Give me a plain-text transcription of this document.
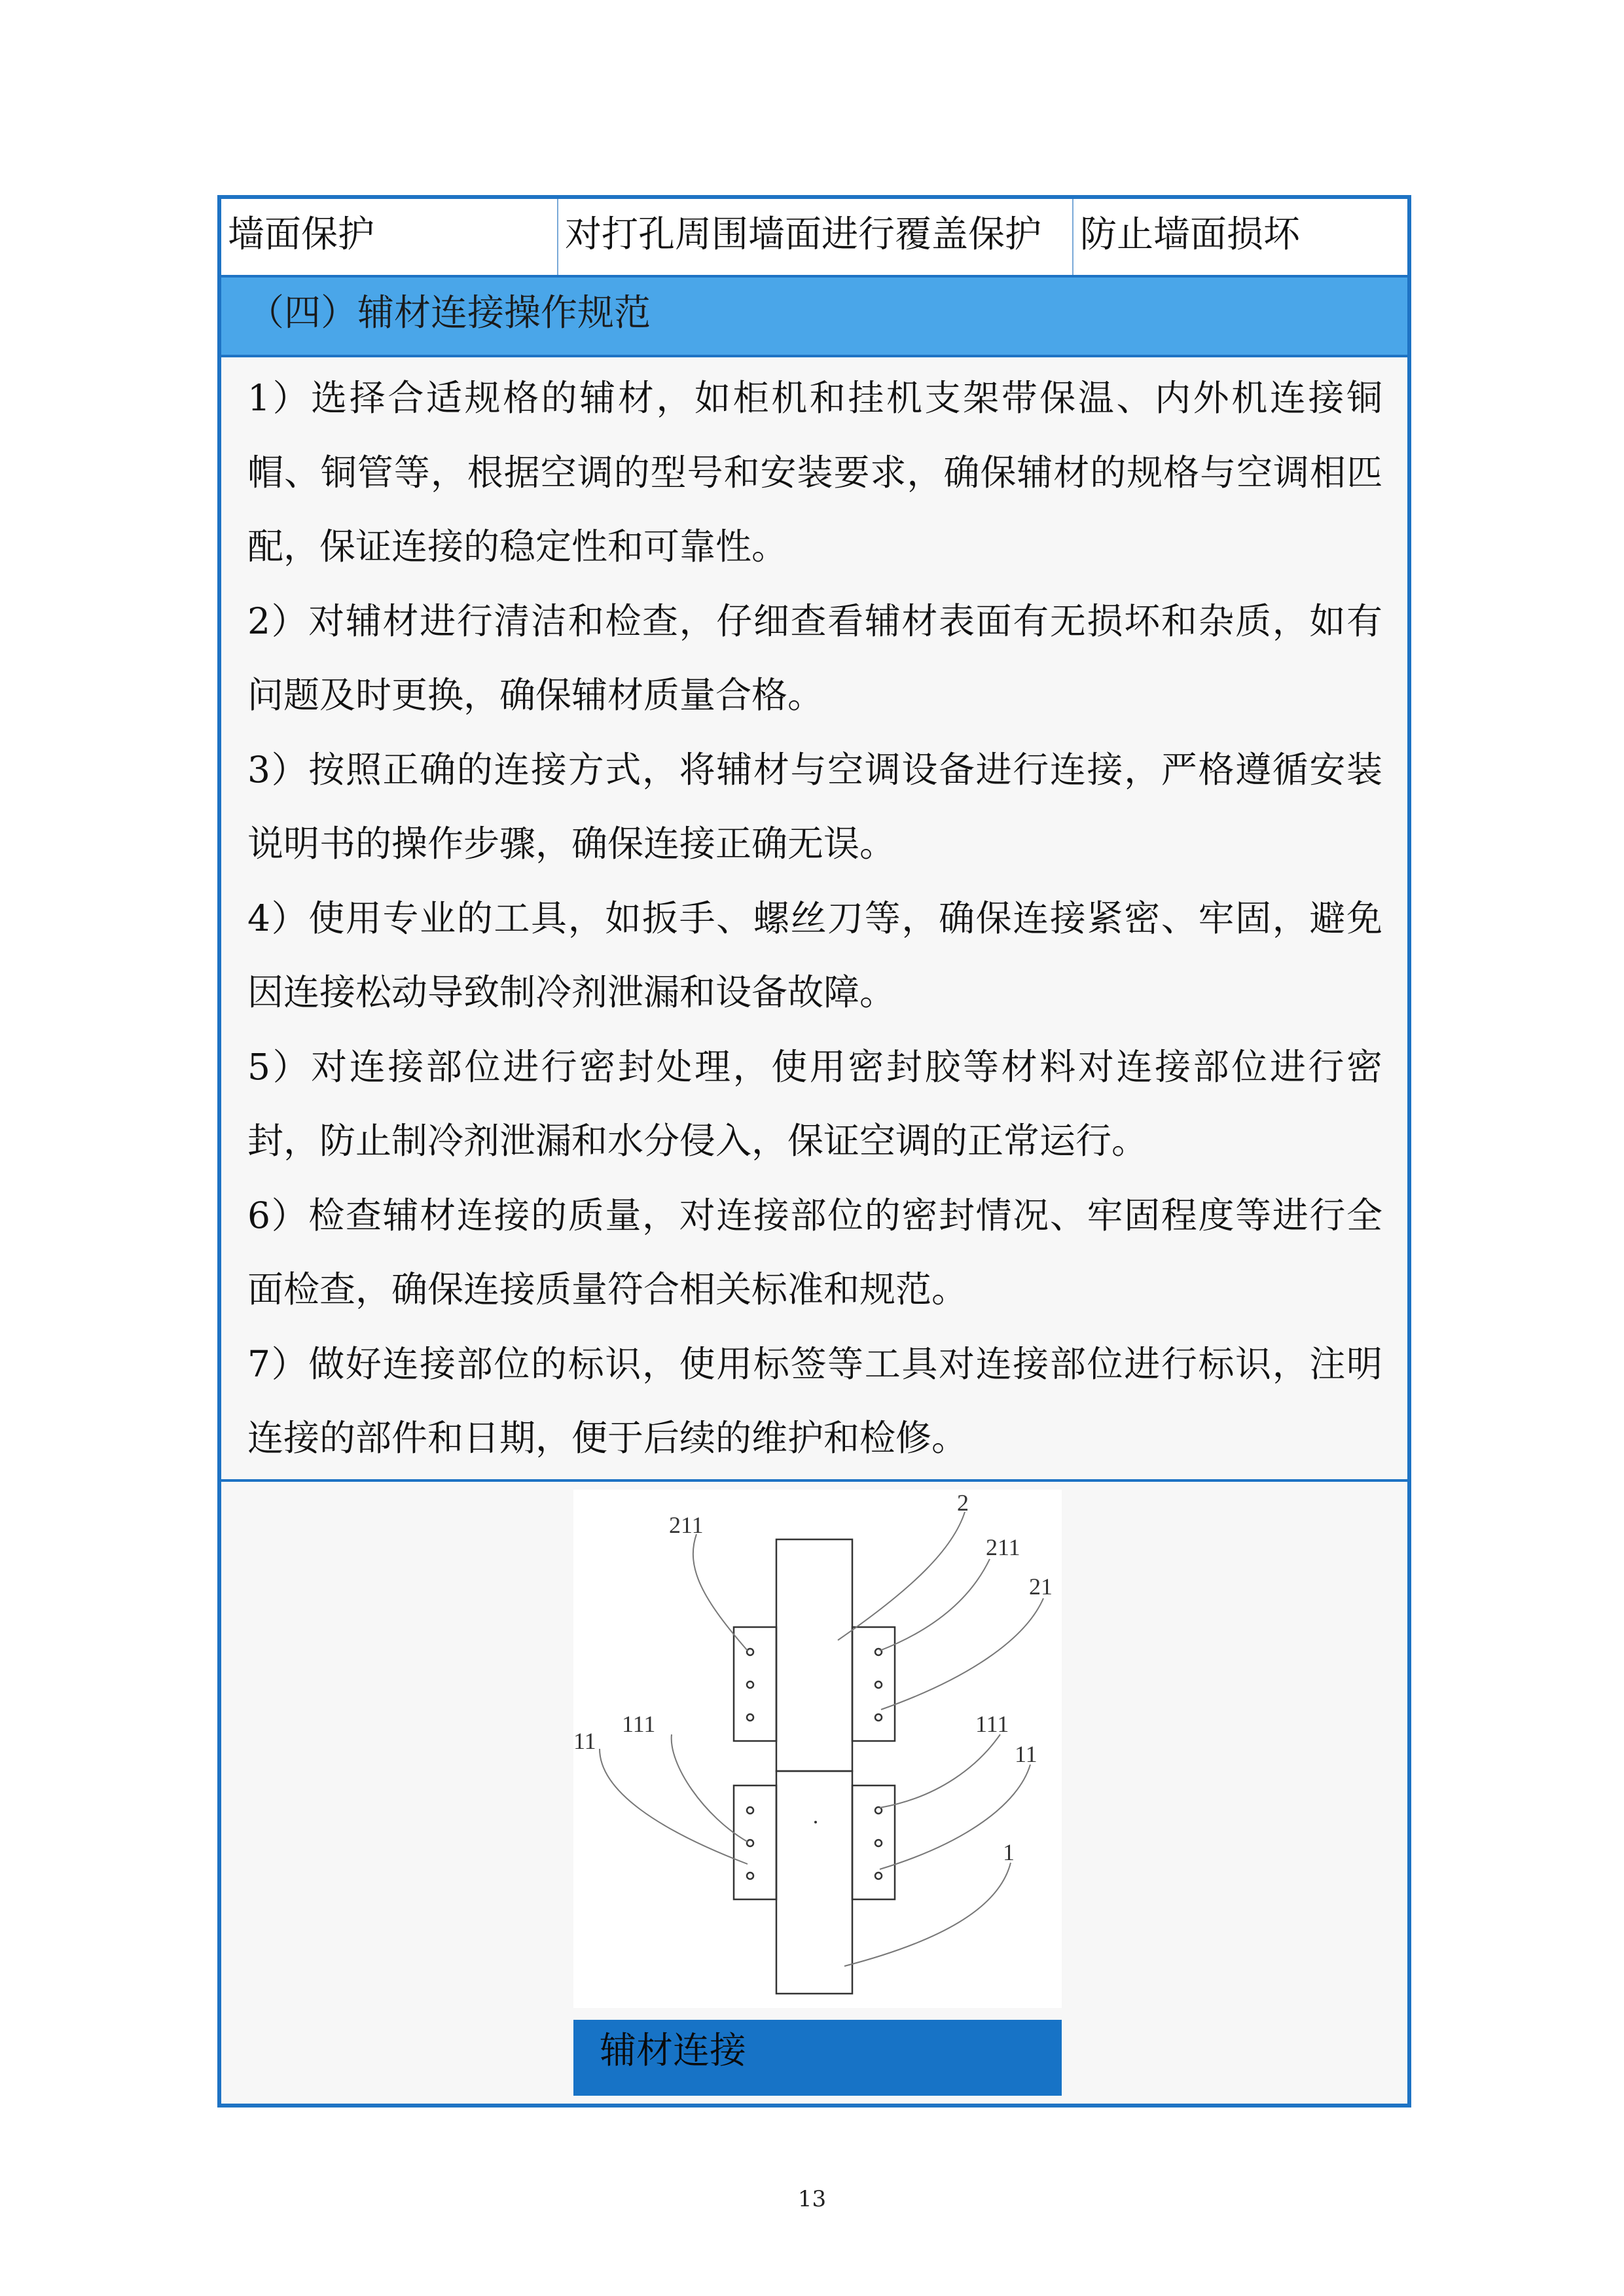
墙面保护	对打孔周围墙面进行覆盖保护	防止墙面损坏
（四）辅材连接操作规范

1）选择合适规格的辅材，如柜机和挂机支架带保温、内外机连接铜帽、铜管等，根据空调的型号和安装要求，确保辅材的规格与空调相匹配，保证连接的稳定性和可靠性。

2）对辅材进行清洁和检查，仔细查看辅材表面有无损坏和杂质，如有问题及时更换，确保辅材质量合格。

3）按照正确的连接方式，将辅材与空调设备进行连接，严格遵循安装说明书的操作步骤，确保连接正确无误。

4）使用专业的工具，如扳手、螺丝刀等，确保连接紧密、牢固，避免因连接松动导致制冷剂泄漏和设备故障。

5）对连接部位进行密封处理，使用密封胶等材料对连接部位进行密封，防止制冷剂泄漏和水分侵入，保证空调的正常运行。

6）检查辅材连接的质量，对连接部位的密封情况、牢固程度等进行全面检查，确保连接质量符合相关标准和规范。

7）做好连接部位的标识，使用标签等工具对连接部位进行标识，注明连接的部件和日期，便于后续的维护和检修。

211
2
211
21
111
11
111
11
1
辅材连接
13
